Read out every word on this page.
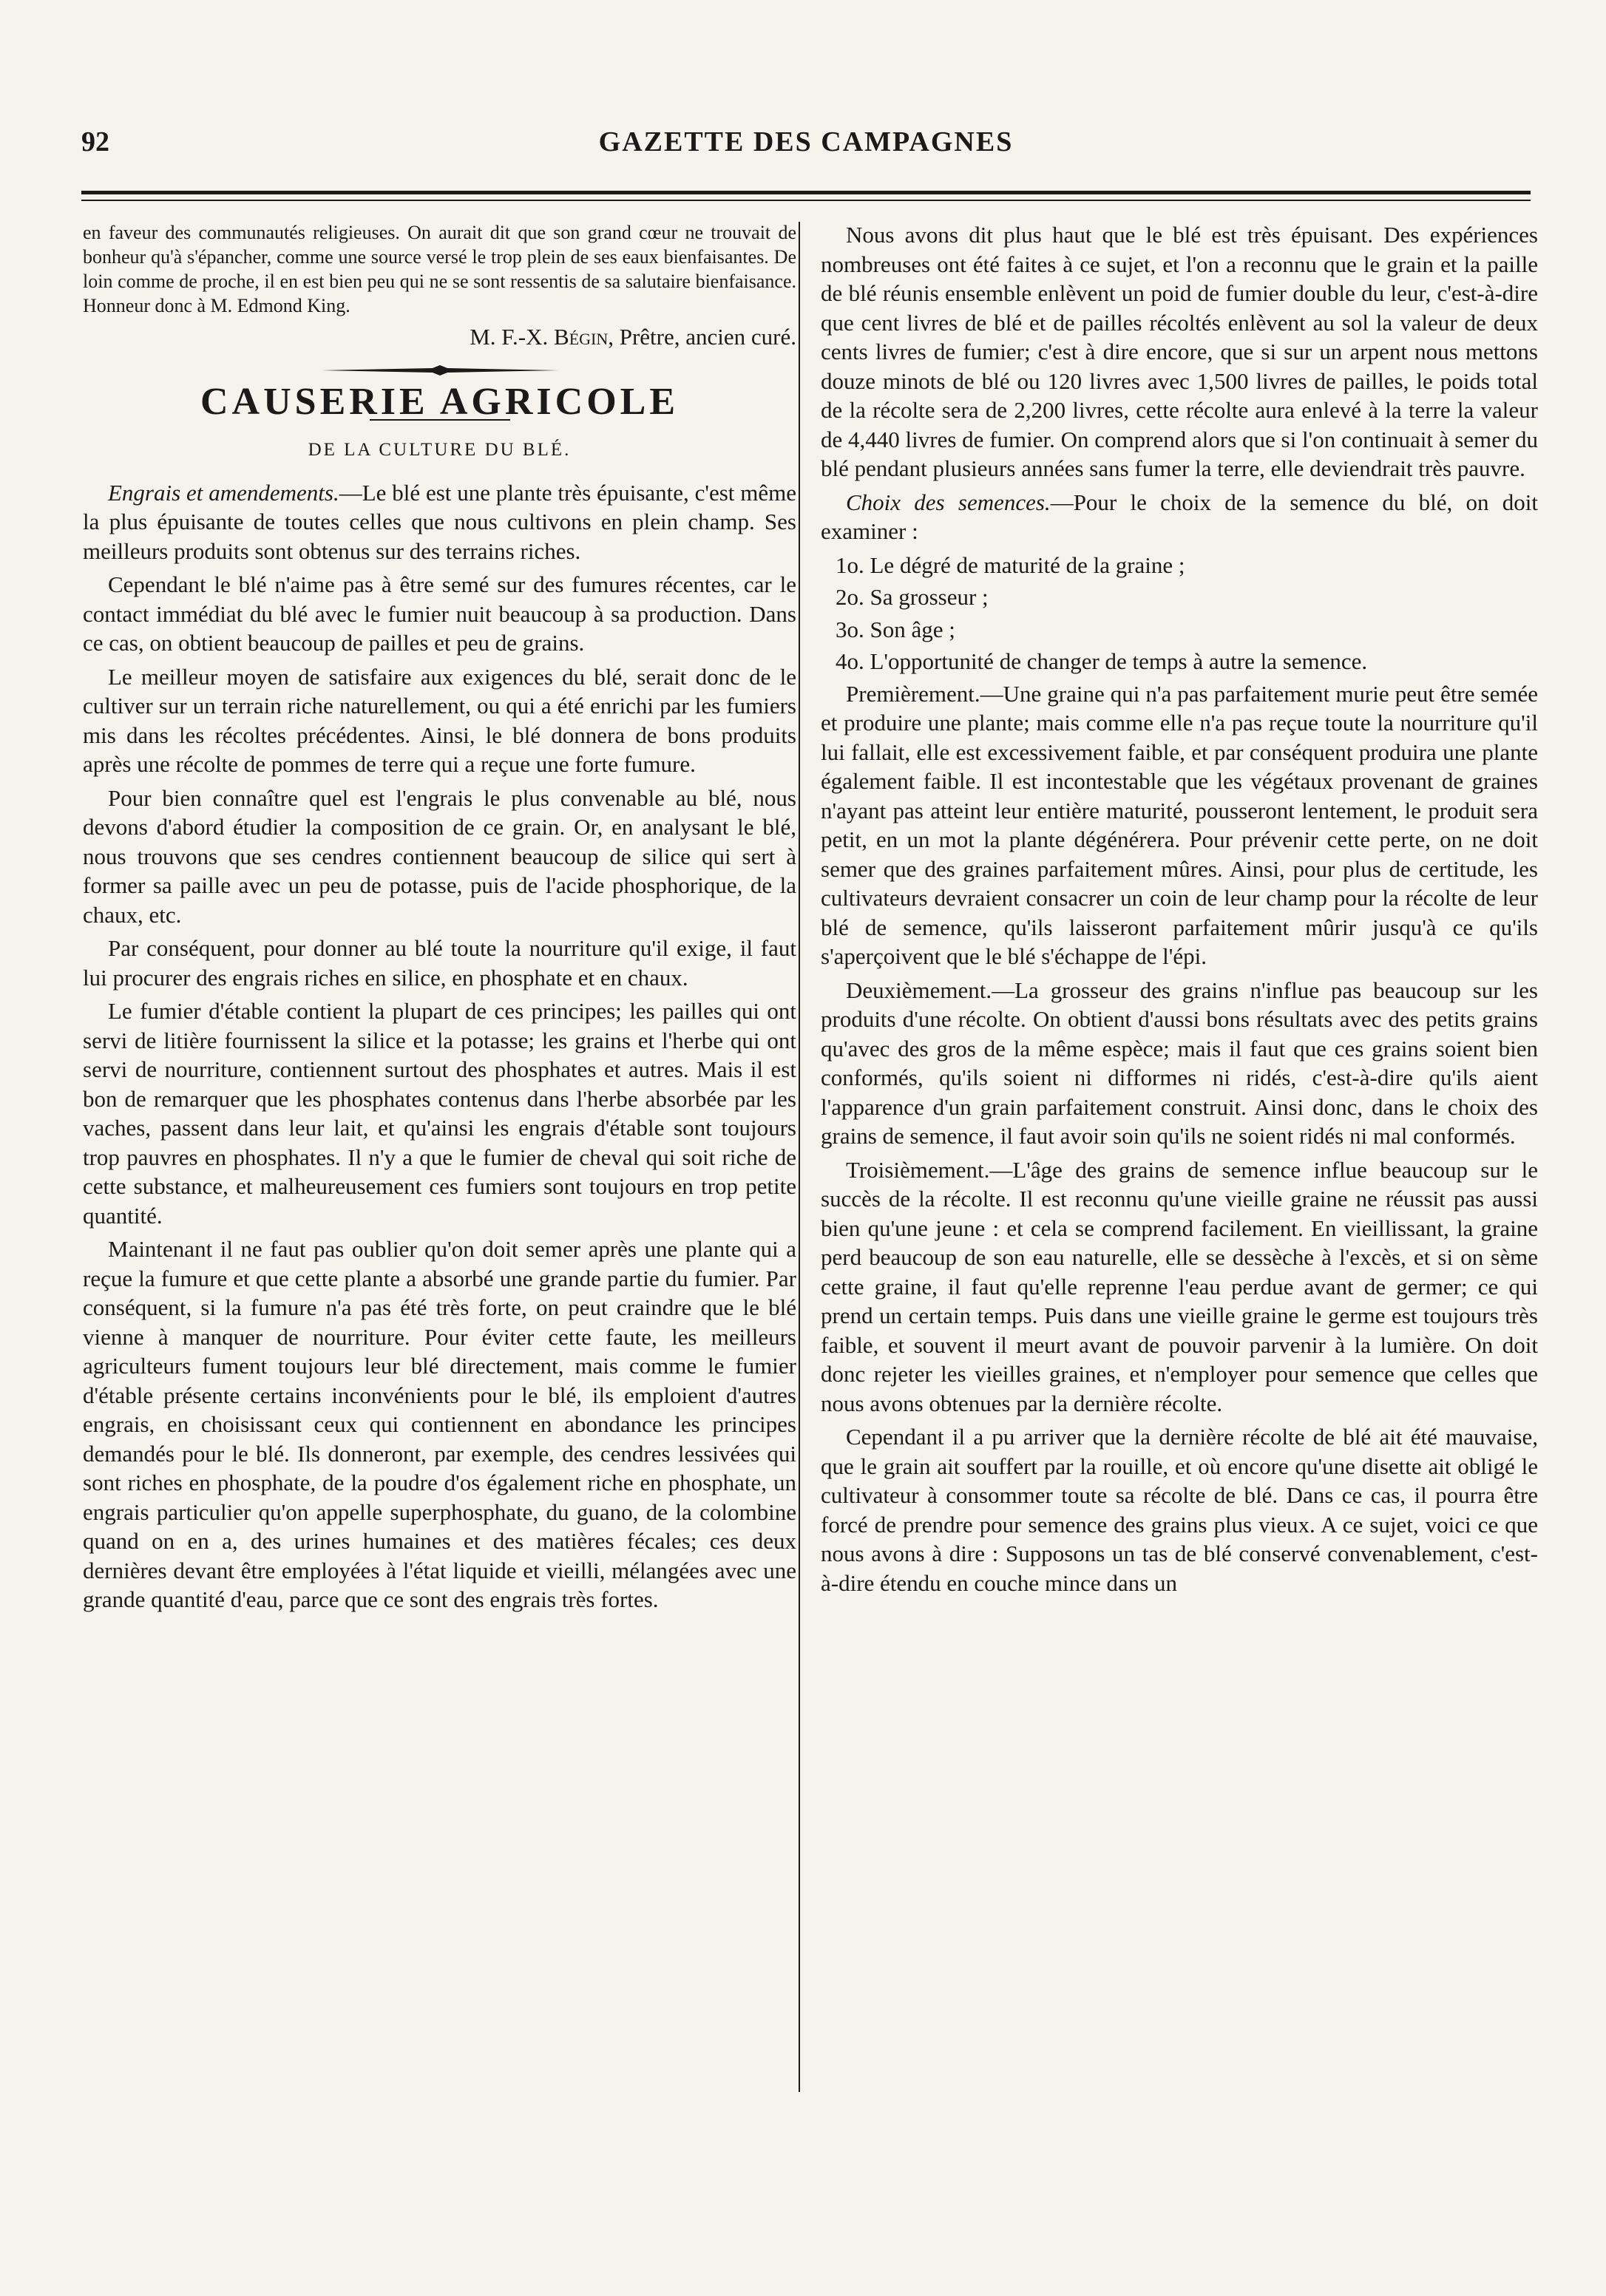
92	GAZETTE DES CAMPAGNES

en faveur des communautés religieuses. On aurait dit que son grand cœur ne trouvait de bonheur qu'à s'épancher, comme une source versé le trop plein de ses eaux bienfaisantes. De loin comme de proche, il en est bien peu qui ne se sont ressentis de sa salutaire bienfaisance. Honneur donc à M. Edmond King.

M. F.-X. Bégin, Prêtre, ancien curé.

CAUSERIE AGRICOLE
DE LA CULTURE DU BLÉ.

Engrais et amendements.—Le blé est une plante très épuisante, c'est même la plus épuisante de toutes celles que nous cultivons en plein champ. Ses meilleurs produits sont obtenus sur des terrains riches.

Cependant le blé n'aime pas à être semé sur des fumures récentes, car le contact immédiat du blé avec le fumier nuit beaucoup à sa production. Dans ce cas, on obtient beaucoup de pailles et peu de grains.

Le meilleur moyen de satisfaire aux exigences du blé, serait donc de le cultiver sur un terrain riche naturellement, ou qui a été enrichi par les fumiers mis dans les récoltes précédentes. Ainsi, le blé donnera de bons produits après une récolte de pommes de terre qui a reçue une forte fumure.

Pour bien connaître quel est l'engrais le plus convenable au blé, nous devons d'abord étudier la composition de ce grain. Or, en analysant le blé, nous trouvons que ses cendres contiennent beaucoup de silice qui sert à former sa paille avec un peu de potasse, puis de l'acide phosphorique, de la chaux, etc.

Par conséquent, pour donner au blé toute la nourriture qu'il exige, il faut lui procurer des engrais riches en silice, en phosphate et en chaux.

Le fumier d'étable contient la plupart de ces principes; les pailles qui ont servi de litière fournissent la silice et la potasse; les grains et l'herbe qui ont servi de nourriture, contiennent surtout des phosphates et autres. Mais il est bon de remarquer que les phosphates contenus dans l'herbe absorbée par les vaches, passent dans leur lait, et qu'ainsi les engrais d'étable sont toujours trop pauvres en phosphates. Il n'y a que le fumier de cheval qui soit riche de cette substance, et malheureusement ces fumiers sont toujours en trop petite quantité.

Maintenant il ne faut pas oublier qu'on doit semer après une plante qui a reçue la fumure et que cette plante a absorbé une grande partie du fumier. Par conséquent, si la fumure n'a pas été très forte, on peut craindre que le blé vienne à manquer de nourriture. Pour éviter cette faute, les meilleurs agriculteurs fument toujours leur blé directement, mais comme le fumier d'étable présente certains inconvénients pour le blé, ils emploient d'autres engrais, en choisissant ceux qui contiennent en abondance les principes demandés pour le blé. Ils donneront, par exemple, des cendres lessivées qui sont riches en phosphate, de la poudre d'os également riche en phosphate, un engrais particulier qu'on appelle superphosphate, du guano, de la colombine quand on en a, des urines humaines et des matières fécales; ces deux dernières devant être employées à l'état liquide et vieilli, mélangées avec une grande quantité d'eau, parce que ce sont des engrais très fortes.

Nous avons dit plus haut que le blé est très épuisant. Des expériences nombreuses ont été faites à ce sujet, et l'on a reconnu que le grain et la paille de blé réunis ensemble enlèvent un poid de fumier double du leur, c'est-à-dire que cent livres de blé et de pailles récoltés enlèvent au sol la valeur de deux cents livres de fumier; c'est à dire encore, que si sur un arpent nous mettons douze minots de blé ou 120 livres avec 1,500 livres de pailles, le poids total de la récolte sera de 2,200 livres, cette récolte aura enlevé à la terre la valeur de 4,440 livres de fumier. On comprend alors que si l'on continuait à semer du blé pendant plusieurs années sans fumer la terre, elle deviendrait très pauvre.

Choix des semences.—Pour le choix de la semence du blé, on doit examiner :

1o. Le dégré de maturité de la graine ;

2o. Sa grosseur ;

3o. Son âge ;

4o. L'opportunité de changer de temps à autre la semence.

Premièrement.—Une graine qui n'a pas parfaitement murie peut être semée et produire une plante; mais comme elle n'a pas reçue toute la nourriture qu'il lui fallait, elle est excessivement faible, et par conséquent produira une plante également faible. Il est incontestable que les végétaux provenant de graines n'ayant pas atteint leur entière maturité, pousseront lentement, le produit sera petit, en un mot la plante dégénérera. Pour prévenir cette perte, on ne doit semer que des graines parfaitement mûres. Ainsi, pour plus de certitude, les cultivateurs devraient consacrer un coin de leur champ pour la récolte de leur blé de semence, qu'ils laisseront parfaitement mûrir jusqu'à ce qu'ils s'aperçoivent que le blé s'échappe de l'épi.

Deuxièmement.—La grosseur des grains n'influe pas beaucoup sur les produits d'une récolte. On obtient d'aussi bons résultats avec des petits grains qu'avec des gros de la même espèce; mais il faut que ces grains soient bien conformés, qu'ils soient ni difformes ni ridés, c'est-à-dire qu'ils aient l'apparence d'un grain parfaitement construit. Ainsi donc, dans le choix des grains de semence, il faut avoir soin qu'ils ne soient ridés ni mal conformés.

Troisièmement.—L'âge des grains de semence influe beaucoup sur le succès de la récolte. Il est reconnu qu'une vieille graine ne réussit pas aussi bien qu'une jeune : et cela se comprend facilement. En vieillissant, la graine perd beaucoup de son eau naturelle, elle se dessèche à l'excès, et si on sème cette graine, il faut qu'elle reprenne l'eau perdue avant de germer; ce qui prend un certain temps. Puis dans une vieille graine le germe est toujours très faible, et souvent il meurt avant de pouvoir parvenir à la lumière. On doit donc rejeter les vieilles graines, et n'employer pour semence que celles que nous avons obtenues par la dernière récolte.

Cependant il a pu arriver que la dernière récolte de blé ait été mauvaise, que le grain ait souffert par la rouille, et où encore qu'une disette ait obligé le cultivateur à consommer toute sa récolte de blé. Dans ce cas, il pourra être forcé de prendre pour semence des grains plus vieux. A ce sujet, voici ce que nous avons à dire : Supposons un tas de blé conservé convenablement, c'est-à-dire étendu en couche mince dans un
